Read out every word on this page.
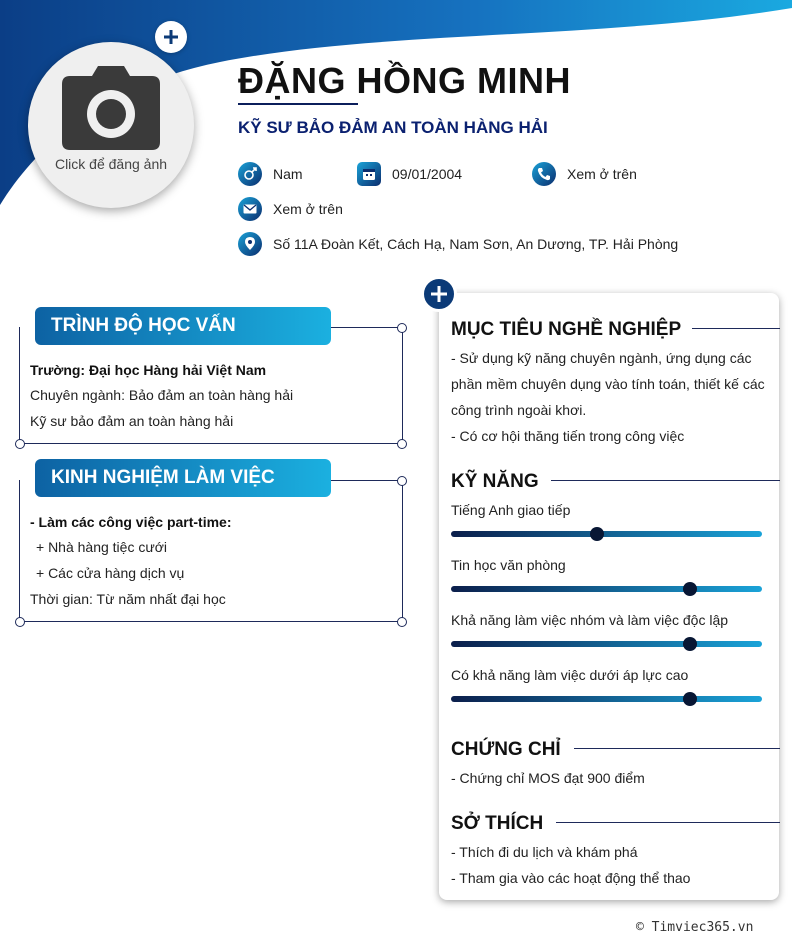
Click để đăng ảnh
ĐẶNG HỒNG MINH
KỸ SƯ BẢO ĐẢM AN TOÀN HÀNG HẢI
Nam	09/01/2004	Xem ở trên
Xem ở trên
Số 11A Đoàn Kết, Cách Hạ, Nam Sơn, An Dương, TP. Hải Phòng
TRÌNH ĐỘ HỌC VẤN
Trường: Đại học Hàng hải Việt Nam
Chuyên ngành: Bảo đảm an toàn hàng hải
Kỹ sư bảo đảm an toàn hàng hải
KINH NGHIỆM LÀM VIỆC
- Làm các công việc part-time:
+ Nhà hàng tiệc cưới
+ Các cửa hàng dịch vụ
Thời gian: Từ năm nhất đại học
MỤC TIÊU NGHỀ NGHIỆP
- Sử dụng kỹ năng chuyên ngành, ứng dụng các
phần mềm chuyên dụng vào tính toán, thiết kế các
công trình ngoài khơi.
- Có cơ hội thăng tiến trong công việc
KỸ NĂNG
Tiếng Anh giao tiếp
Tin học văn phòng
Khả năng làm việc nhóm và làm việc độc lập
Có khả năng làm việc dưới áp lực cao
CHỨNG CHỈ
- Chứng chỉ MOS đạt 900 điểm
SỞ THÍCH
- Thích đi du lịch và khám phá
- Tham gia vào các hoạt động thể thao
© Timviec365.vn
